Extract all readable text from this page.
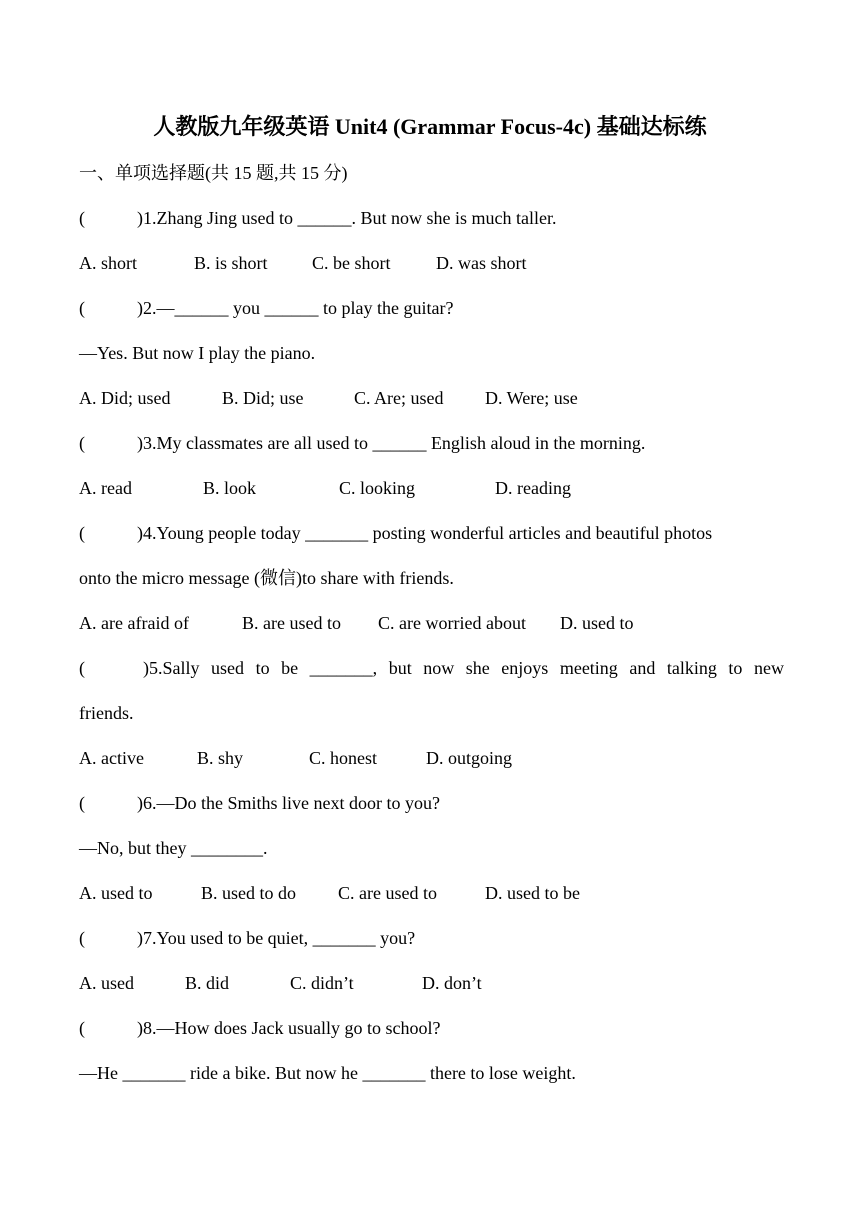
人教版九年级英语 Unit4 (Grammar Focus-4c) 基础达标练
一、单项选择题(共 15 题,共 15 分)
(	) 1.Zhang Jing used to ______. But now she is much taller.
A. short	B. is short C. be short	D. was short
(	) 2.—______ you ______ to play the guitar?
—Yes. But now I play the piano.
A. Did; used	B. Did; use	C. Are; used D. Were; use
(	) 3.My classmates are all used to ______ English aloud in the morning.
A. read	B. look	C. looking	D. reading
(	) 4.Young people today _______ posting wonderful articles and beautiful photos
onto the micro message (微信)to share with friends.
A. are afraid of	B. are used to C. are worried about D. used to
(	) 5.Sally used to be _______, but now she enjoys meeting and talking to new
friends.
A. active	B. shy	C. honest	D. outgoing
(	) 6.—Do the Smiths live next door to you?
—No, but they ________.
A. used to	B. used to do C. are used to	D. used to be
(	) 7.You used to be quiet, _______ you?
A. used	B. did	C. didn’t	D. don’t
(	) 8.—How does Jack usually go to school?
—He _______ ride a bike. But now he _______ there to lose weight.
